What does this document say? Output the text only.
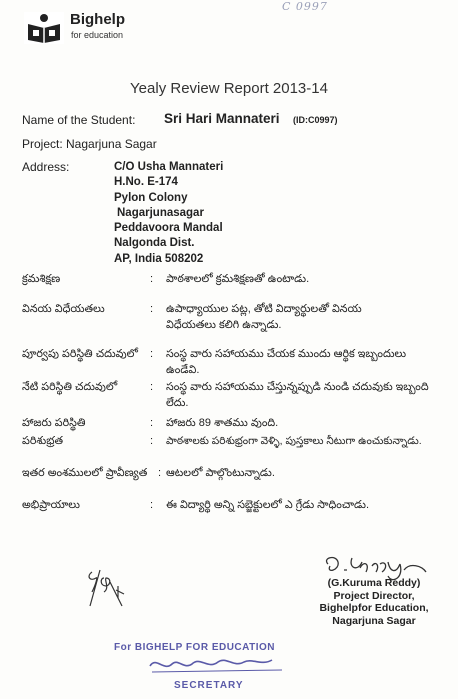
Bighelp
for education
C 0997
Yealy Review Report 2013-14
Name of the Student: Sri Hari Mannateri (ID:C0997)
Project: Nagarjuna Sagar
Address:	C/O Usha Mannateri
H.No. E-174
Pylon Colony
Nagarjunasagar
Peddavoora Mandal
Nalgonda Dist.
AP, India 508202
క్రమశిక్షణ	: పాఠశాలలో క్రమశిక్షణతో ఉంటాడు.
వినయ విధేయతలు	: ఉపాధ్యాయుల పట్ల, తోటి విద్యార్థులతో వినయ
విధేయతలు కలిగి ఉన్నాడు.
పూర్వపు పరిస్థితి చదువులో : సంస్థ వారు సహాయము చేయక ముందు ఆర్థిక ఇబ్బందులు
ఉండేవి.
నేటి పరిస్థితి చదువులో	: సంస్థ వారు సహాయము చేస్తున్నప్పుడి నుండి చదువుకు ఇబ్బంది
లేదు.
హాజరు పరిస్థితి	: హాజరు 89 శాతము వుంది.
పరిశుభ్రత	: పాఠశాలకు పరిశుభ్రంగా వెళ్ళి, పుస్తకాలు నీటుగా ఉంచుకున్నాడు.
ఇతర అంశములలో ప్రావీణ్యత : ఆటలలో పాల్గొంటున్నాడు.
అభిప్రాయాలు	: ఈ విద్యార్థి అన్ని సబ్జెక్టులలో ఎ గ్రేడు సాధించాడు.
(G.Kuruma Reddy)
Project Director,
Bighelpfor Education,
Nagarjuna Sagar
For BIGHELP FOR EDUCATION
SECRETARY
